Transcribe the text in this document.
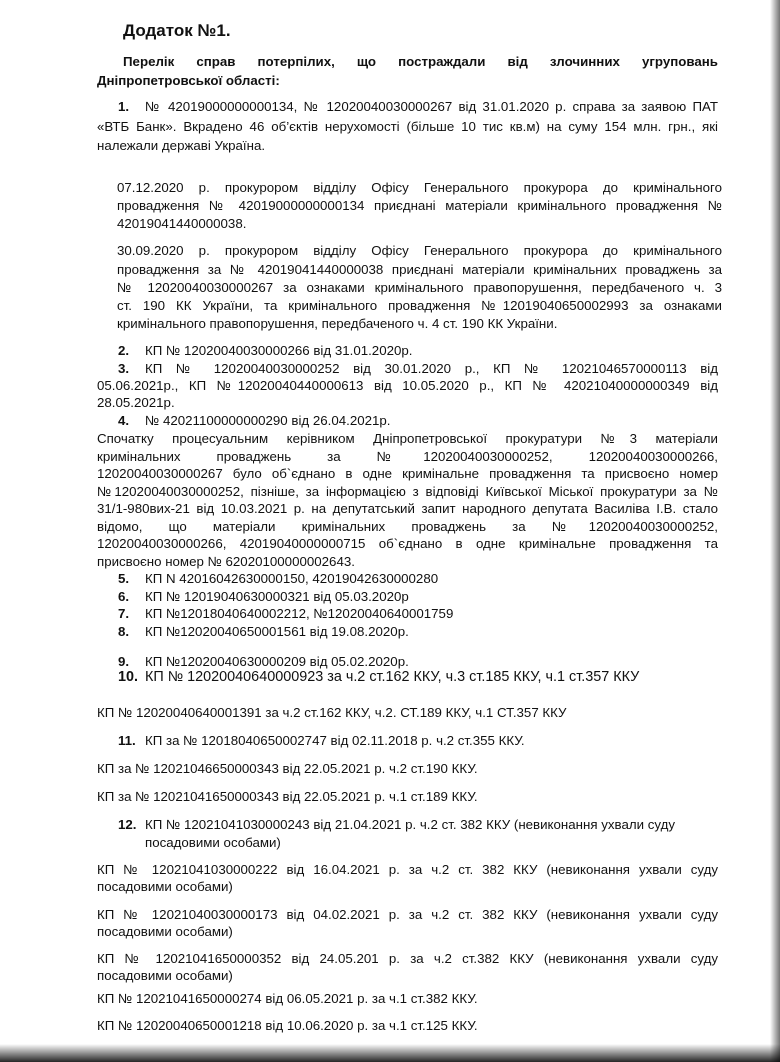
Додаток №1.
Перелік справ потерпілих, що постраждали від злочинних угруповань
Дніпропетровської області:
1. № 42019000000000134, № 12020040030000267 від 31.01.2020 р. справа за заявою ПАТ
«ВТБ Банк». Вкрадено 46 об’єктів нерухомості (більше 10 тис кв.м) на суму 154 млн. грн., які
належали державі Україна.
07.12.2020 р. прокурором відділу Офісу Генерального прокурора до кримінального
провадження № 42019000000000134 приєднані матеріали кримінального провадження №
42019041440000038.
30.09.2020 р. прокурором відділу Офісу Генерального прокурора до кримінального
провадження за № 42019041440000038 приєднані матеріали кримінальних проваджень за
№ 12020040030000267 за ознаками кримінального правопорушення, передбаченого ч. 3
ст. 190 КК України, та кримінального провадження №12019040650002993 за ознаками
кримінального правопорушення, передбаченого ч. 4 ст. 190 КК України.
2. КП № 12020040030000266 від 31.01.2020р.
3. КП № 12020040030000252 від 30.01.2020 р., КП № 12021046570000113 від
05.06.2021р., КП №12020040440000613 від 10.05.2020 р., КП № 42021040000000349 від
28.05.2021р.
4. № 42021100000000290 від 26.04.2021р.
Спочатку процесуальним керівником Дніпропетровської прокуратури №3 матеріали
кримінальних проваджень за №12020040030000252, 12020040030000266,
12020040030000267 було об`єднано в одне кримінальне провадження та присвоєно номер
№12020040030000252, пізніше, за інформацією з відповіді Київської Міської прокуратури за №
31/1-980вих-21 від 10.03.2021 р. на депутатський запит народного депутата Василіва І.В. стало
відомо, що матеріали кримінальних проваджень за №12020040030000252,
12020040030000266, 42019040000000715 об`єднано в одне кримінальне провадження та
присвоєно номер № 62020100000002643.
5. КП N 42016042630000150, 42019042630000280
6. КП № 12019040630000321 від 05.03.2020р
7. КП №12018040640002212, №12020040640001759
8. КП №12020040650001561 від 19.08.2020р.
9. КП №12020040630000209 від 05.02.2020р.
10. КП № 12020040640000923 за ч.2 ст.162 ККУ, ч.3 ст.185 ККУ, ч.1 ст.357 ККУ
КП № 12020040640001391 за ч.2 ст.162 ККУ, ч.2. СТ.189 ККУ, ч.1 СТ.357 ККУ
11. КП за № 12018040650002747 від 02.11.2018 р. ч.2 ст.355 ККУ.
КП за № 12021046650000343 від 22.05.2021 р. ч.2 ст.190 ККУ.
КП за № 12021041650000343 від 22.05.2021 р. ч.1 ст.189 ККУ.
12. КП № 12021041030000243 від 21.04.2021 р. ч.2 ст. 382 ККУ (невиконання ухвали суду
посадовими особами)
КП № 12021041030000222 від 16.04.2021 р. за ч.2 ст. 382 ККУ (невиконання ухвали суду
посадовими особами)
КП № 12021040030000173 від 04.02.2021 р. за ч.2 ст. 382 ККУ (невиконання ухвали суду
посадовими особами)
КП № 12021041650000352 від 24.05.201 р. за ч.2 ст.382 ККУ (невиконання ухвали суду
посадовими особами)
КП № 12021041650000274 від 06.05.2021 р. за ч.1 ст.382 ККУ.
КП № 12020040650001218 від 10.06.2020 р. за ч.1 ст.125 ККУ.
